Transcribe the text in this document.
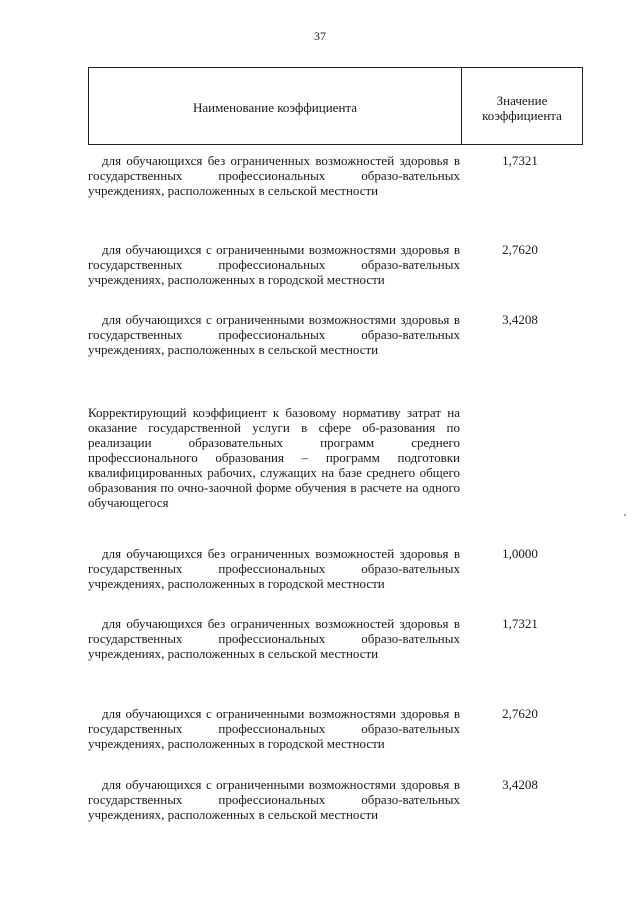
37
Наименование коэффициента	Значение
коэффициента
для обучающихся без ограниченных возможностей здоровья в государственных профессиональных образо-вательных учреждениях, расположенных в сельской местности
1,7321
для обучающихся с ограниченными возможностями здоровья в государственных профессиональных образо-вательных учреждениях, расположенных в городской местности
2,7620
для обучающихся с ограниченными возможностями здоровья в государственных профессиональных образо-вательных учреждениях, расположенных в сельской местности
3,4208
Корректирующий коэффициент к базовому нормативу затрат на оказание государственной услуги в сфере об-разования по реализации образовательных программ среднего профессионального образования – программ подготовки квалифицированных рабочих, служащих на базе среднего общего образования по очно-заочной форме обучения в расчете на одного обучающегося
для обучающихся без ограниченных возможностей здоровья в государственных профессиональных образо-вательных учреждениях, расположенных в городской местности
1,0000
для обучающихся без ограниченных возможностей здоровья в государственных профессиональных образо-вательных учреждениях, расположенных в сельской местности
1,7321
для обучающихся с ограниченными возможностями здоровья в государственных профессиональных образо-вательных учреждениях, расположенных в городской местности
2,7620
для обучающихся с ограниченными возможностями здоровья в государственных профессиональных образо-вательных учреждениях, расположенных в сельской местности
3,4208
